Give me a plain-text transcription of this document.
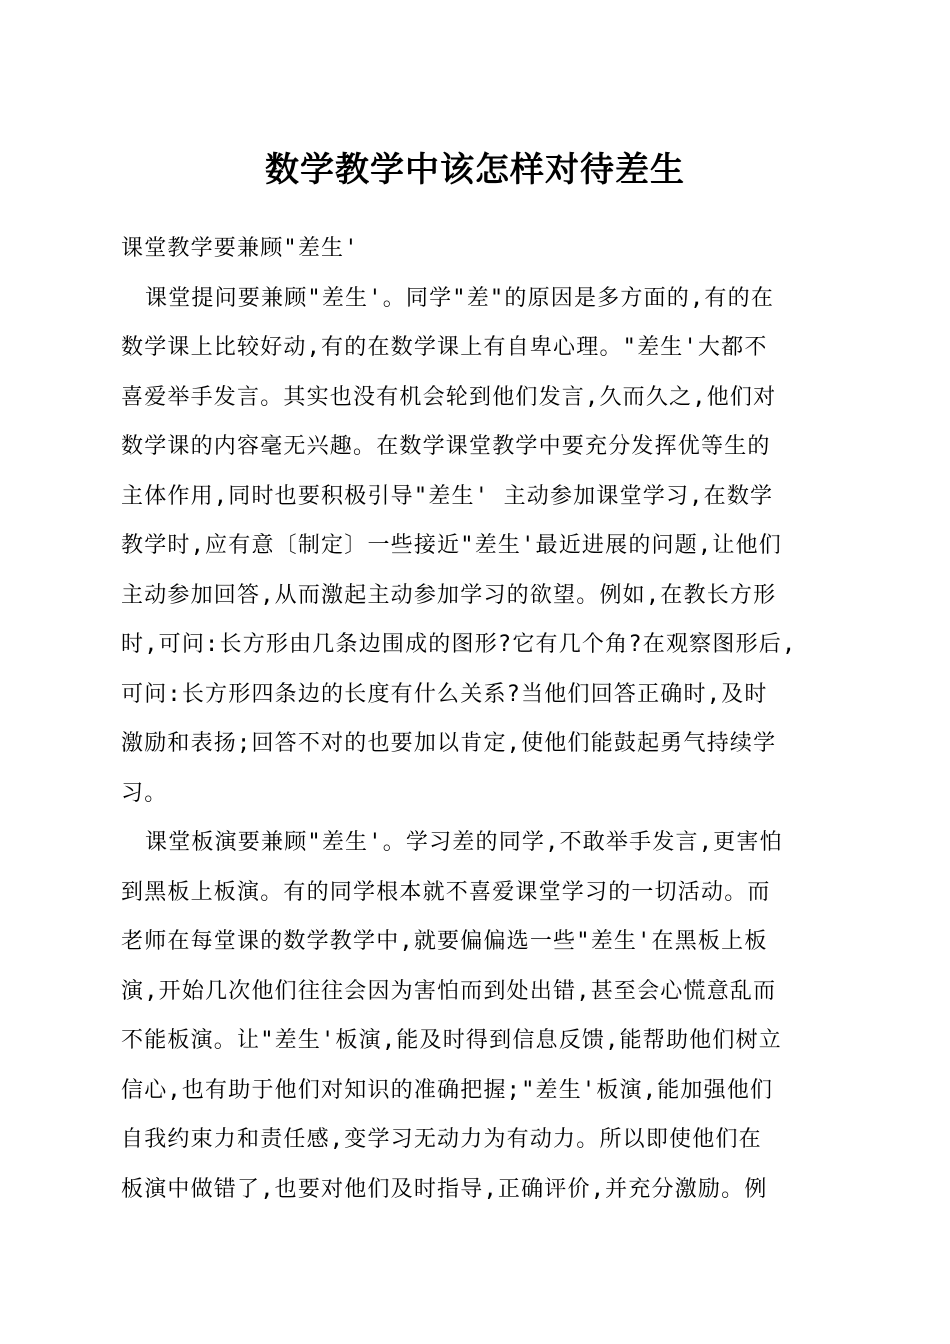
数学教学中该怎样对待差生
课堂教学要兼顾"差生'
课堂提问要兼顾"差生'。同学"差"的原因是多方面的,有的在
数学课上比较好动,有的在数学课上有自卑心理。"差生'大都不
喜爱举手发言。其实也没有机会轮到他们发言,久而久之,他们对
数学课的内容毫无兴趣。在数学课堂教学中要充分发挥优等生的
主体作用,同时也要积极引导"差生' 主动参加课堂学习,在数学
教学时,应有意〔制定〕一些接近"差生'最近进展的问题,让他们
主动参加回答,从而激起主动参加学习的欲望。例如,在教长方形
时,可问:长方形由几条边围成的图形?它有几个角?在观察图形后,
可问:长方形四条边的长度有什么关系?当他们回答正确时,及时
激励和表扬;回答不对的也要加以肯定,使他们能鼓起勇气持续学
习。
课堂板演要兼顾"差生'。学习差的同学,不敢举手发言,更害怕
到黑板上板演。有的同学根本就不喜爱课堂学习的一切活动。而
老师在每堂课的数学教学中,就要偏偏选一些"差生'在黑板上板
演,开始几次他们往往会因为害怕而到处出错,甚至会心慌意乱而
不能板演。让"差生'板演,能及时得到信息反馈,能帮助他们树立
信心,也有助于他们对知识的准确把握;"差生'板演,能加强他们
自我约束力和责任感,变学习无动力为有动力。所以即使他们在
板演中做错了,也要对他们及时指导,正确评价,并充分激励。例
